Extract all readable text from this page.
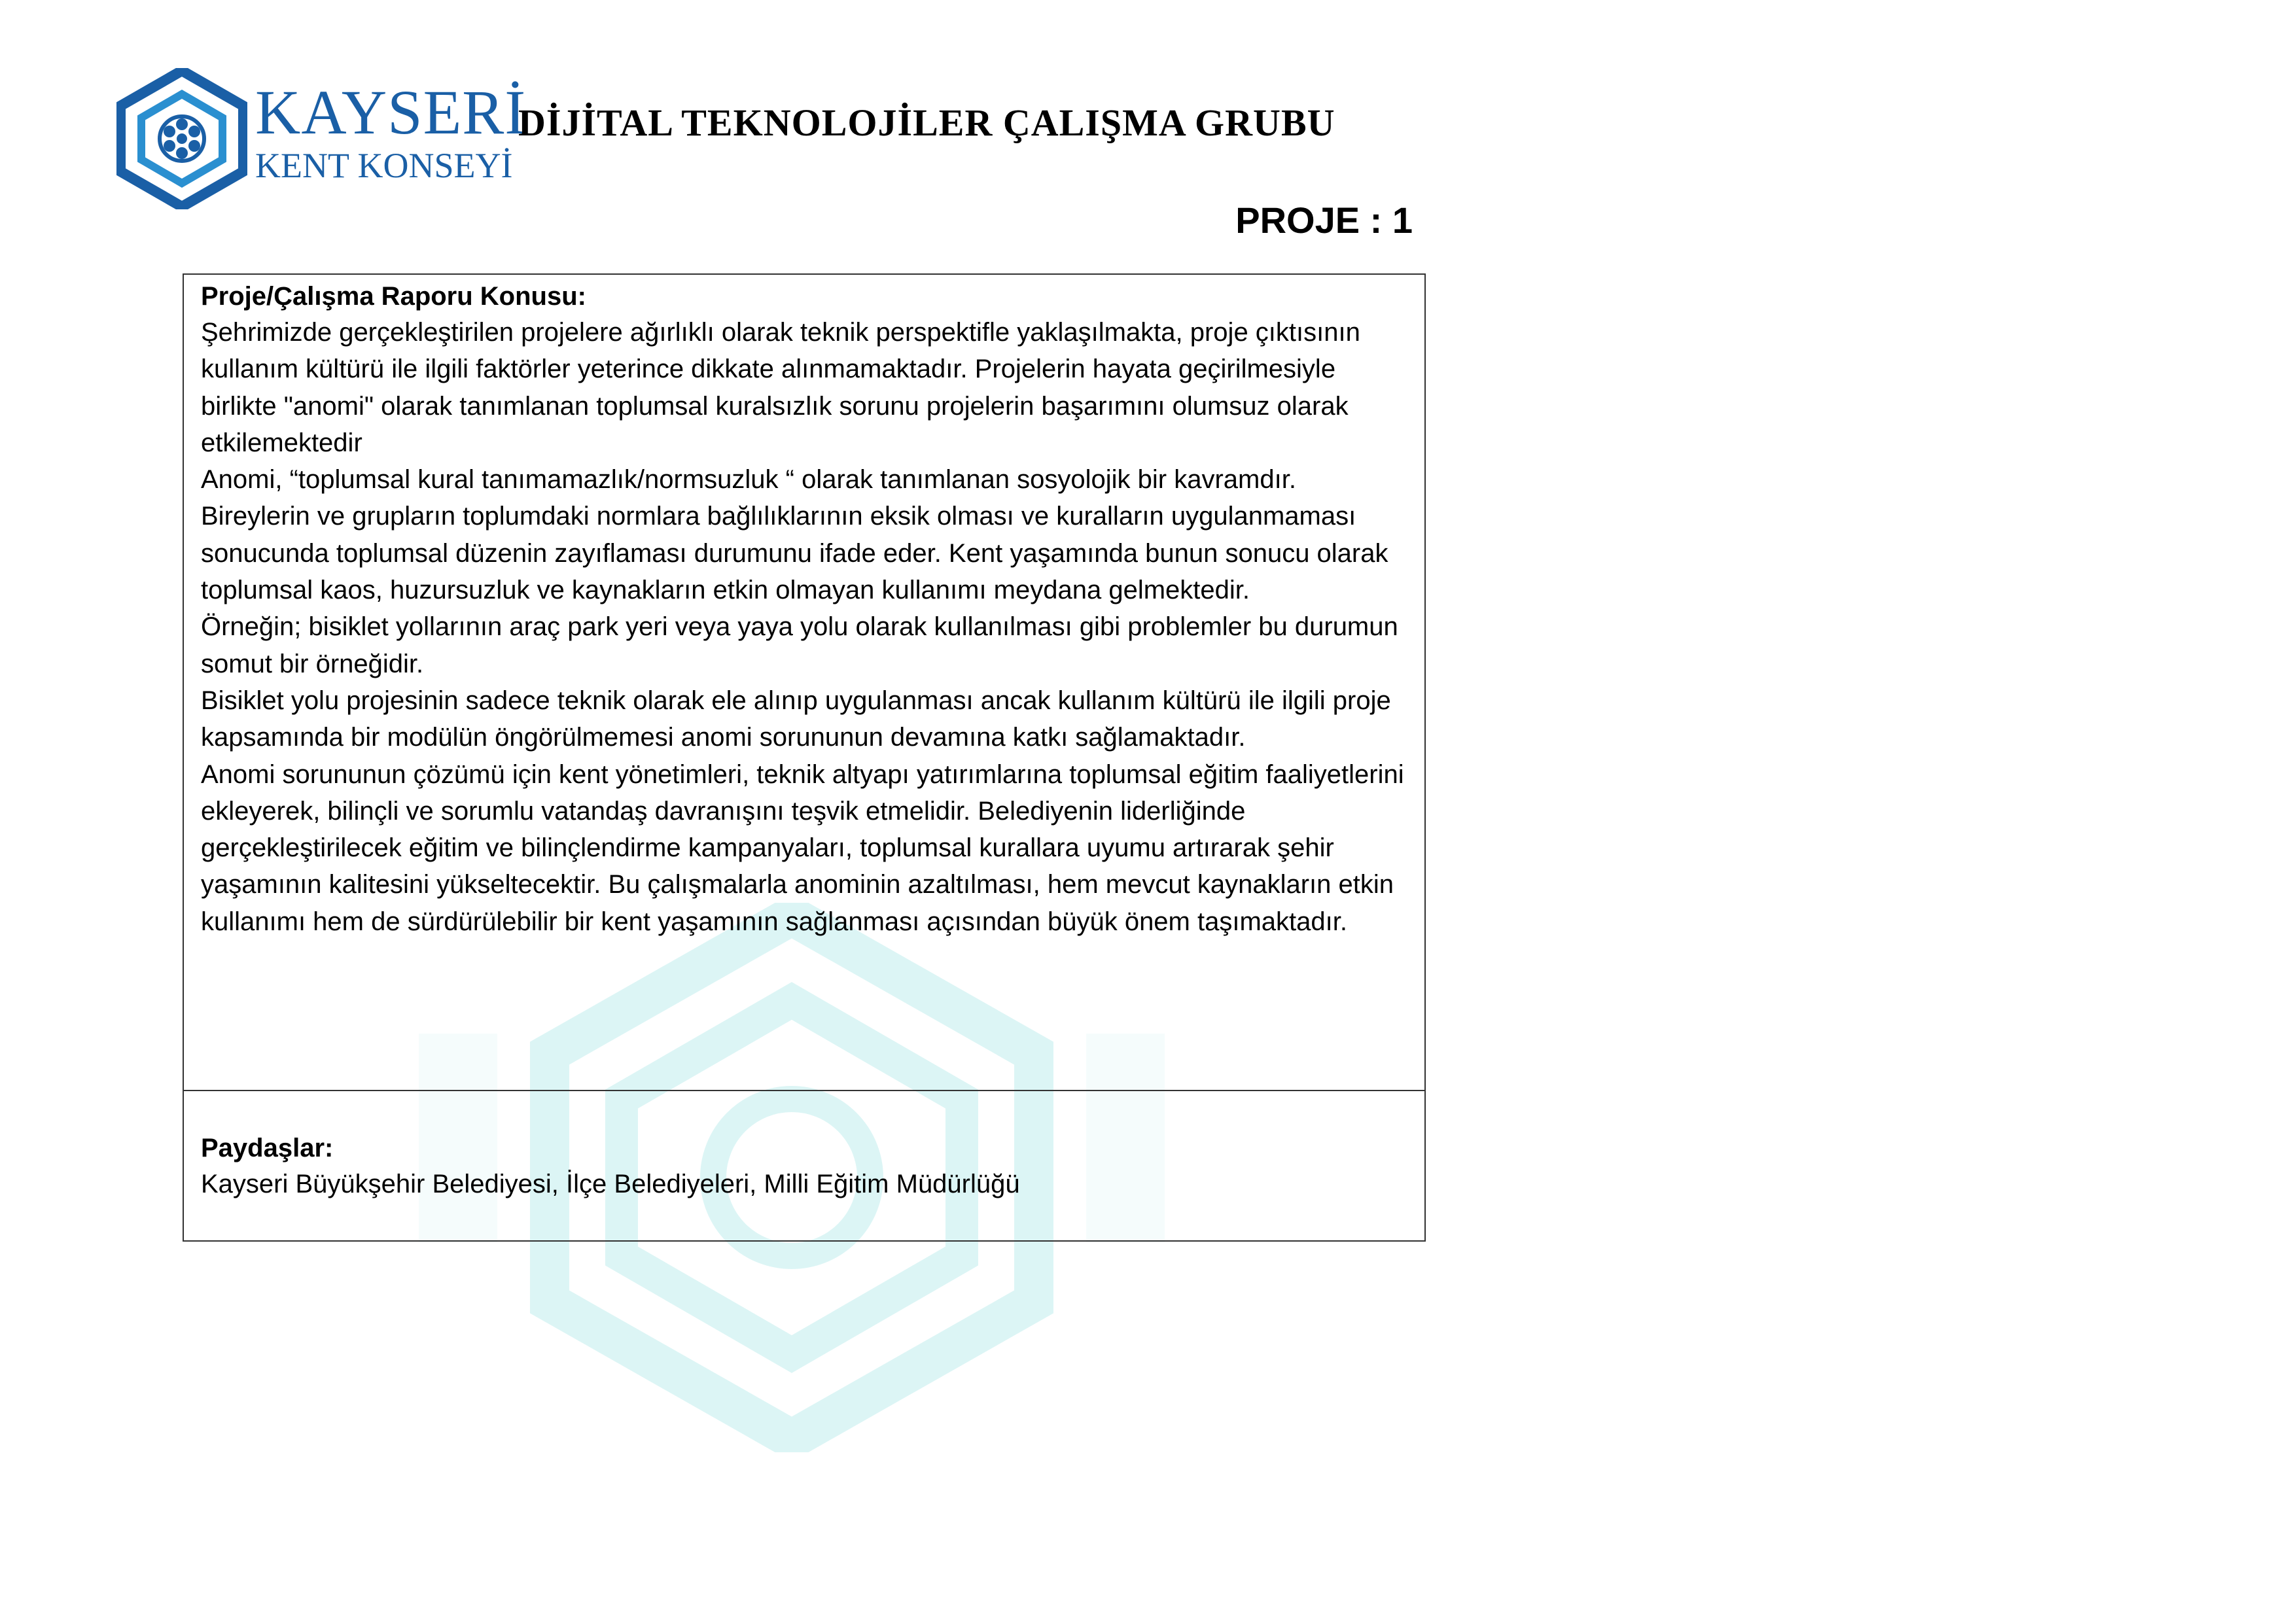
KAYSERİ
KENT KONSEYİ
DİJİTAL TEKNOLOJİLER ÇALIŞMA GRUBU
PROJE : 1
Proje/Çalışma Raporu Konusu:

Şehrimizde gerçekleştirilen projelere ağırlıklı olarak teknik perspektifle yaklaşılmakta, proje çıktısının kullanım kültürü ile ilgili faktörler yeterince dikkate alınmamaktadır. Projelerin hayata geçirilmesiyle birlikte "anomi" olarak tanımlanan toplumsal kuralsızlık sorunu projelerin başarımını olumsuz olarak etkilemektedir

Anomi, “toplumsal kural tanımamazlık/normsuzluk “ olarak tanımlanan sosyolojik bir kavramdır. Bireylerin ve grupların toplumdaki normlara bağlılıklarının eksik olması ve kuralların uygulanmaması sonucunda toplumsal düzenin zayıflaması durumunu ifade eder. Kent yaşamında bunun sonucu olarak toplumsal kaos, huzursuzluk ve kaynakların etkin olmayan kullanımı meydana gelmektedir.

Örneğin; bisiklet yollarının araç park yeri veya yaya yolu olarak kullanılması gibi problemler bu durumun somut bir örneğidir.

Bisiklet yolu projesinin sadece teknik olarak ele alınıp uygulanması ancak kullanım kültürü ile ilgili proje kapsamında bir modülün öngörülmemesi anomi sorununun devamına katkı sağlamaktadır.

Anomi sorununun çözümü için kent yönetimleri, teknik altyapı yatırımlarına toplumsal eğitim faaliyetlerini ekleyerek, bilinçli ve sorumlu vatandaş davranışını teşvik etmelidir. Belediyenin liderliğinde gerçekleştirilecek eğitim ve bilinçlendirme kampanyaları, toplumsal kurallara uyumu artırarak şehir yaşamının kalitesini yükseltecektir. Bu çalışmalarla anominin azaltılması, hem mevcut kaynakların etkin kullanımı hem de sürdürülebilir bir kent yaşamının sağlanması açısından büyük önem taşımaktadır.

Paydaşlar:

Kayseri Büyükşehir Belediyesi, İlçe Belediyeleri, Milli Eğitim Müdürlüğü
